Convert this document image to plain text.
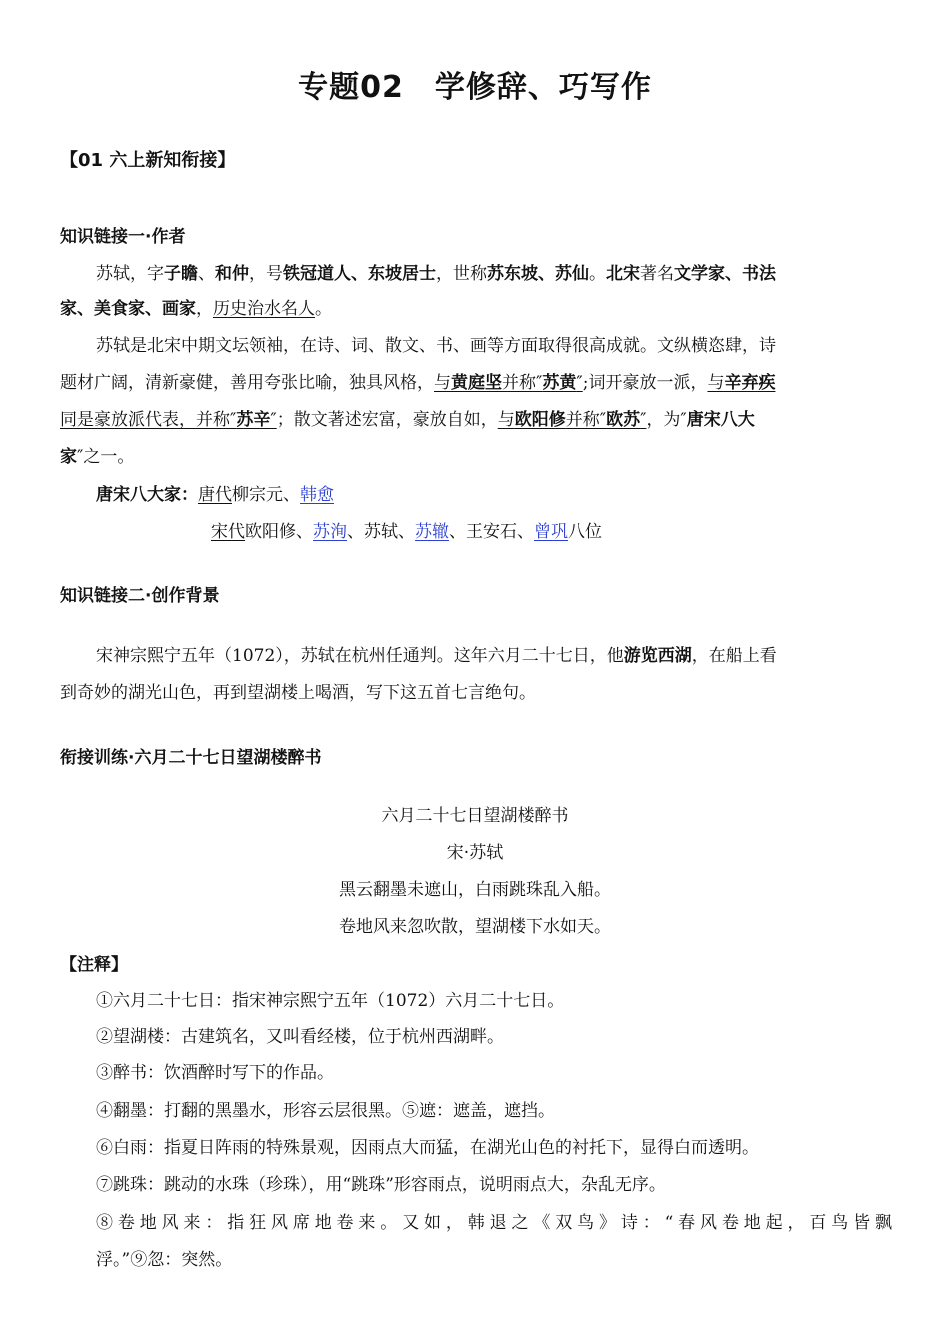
专题02　学修辞、巧写作
【01 六上新知衔接】
知识链接一·作者
苏轼，字子瞻、和仲，号铁冠道人、东坡居士，世称苏东坡、苏仙。北宋著名文学家、书法
家、美食家、画家，历史治水名人。
苏轼是北宋中期文坛领袖，在诗、词、散文、书、画等方面取得很高成就。文纵横恣肆，诗
题材广阔，清新豪健，善用夸张比喻，独具风格，与黄庭坚并称″苏黄″;词开豪放一派，与辛弃疾
同是豪放派代表，并称″苏辛″；散文著述宏富，豪放自如，与欧阳修并称″欧苏″，为″唐宋八大
家″之一。
唐宋八大家：唐代柳宗元、韩愈
宋代欧阳修、苏洵、苏轼、苏辙、王安石、曾巩八位
知识链接二·创作背景
宋神宗熙宁五年（1072），苏轼在杭州任通判。这年六月二十七日，他游览西湖，在船上看
到奇妙的湖光山色，再到望湖楼上喝酒，写下这五首七言绝句。
衔接训练·六月二十七日望湖楼醉书
六月二十七日望湖楼醉书
宋·苏轼
黑云翻墨未遮山，白雨跳珠乱入船。
卷地风来忽吹散，望湖楼下水如天。
【注释】
①六月二十七日：指宋神宗熙宁五年（1072）六月二十七日。
②望湖楼：古建筑名，又叫看经楼，位于杭州西湖畔。
③醉书：饮酒醉时写下的作品。
④翻墨：打翻的黑墨水，形容云层很黑。⑤遮：遮盖，遮挡。
⑥白雨：指夏日阵雨的特殊景观，因雨点大而猛，在湖光山色的衬托下，显得白而透明。
⑦跳珠：跳动的水珠（珍珠），用“跳珠”形容雨点，说明雨点大，杂乱无序。
⑧卷地风来：指狂风席地卷来。又如，韩退之《双鸟》诗：“春风卷地起，百鸟皆飘
浮。”⑨忽：突然。
